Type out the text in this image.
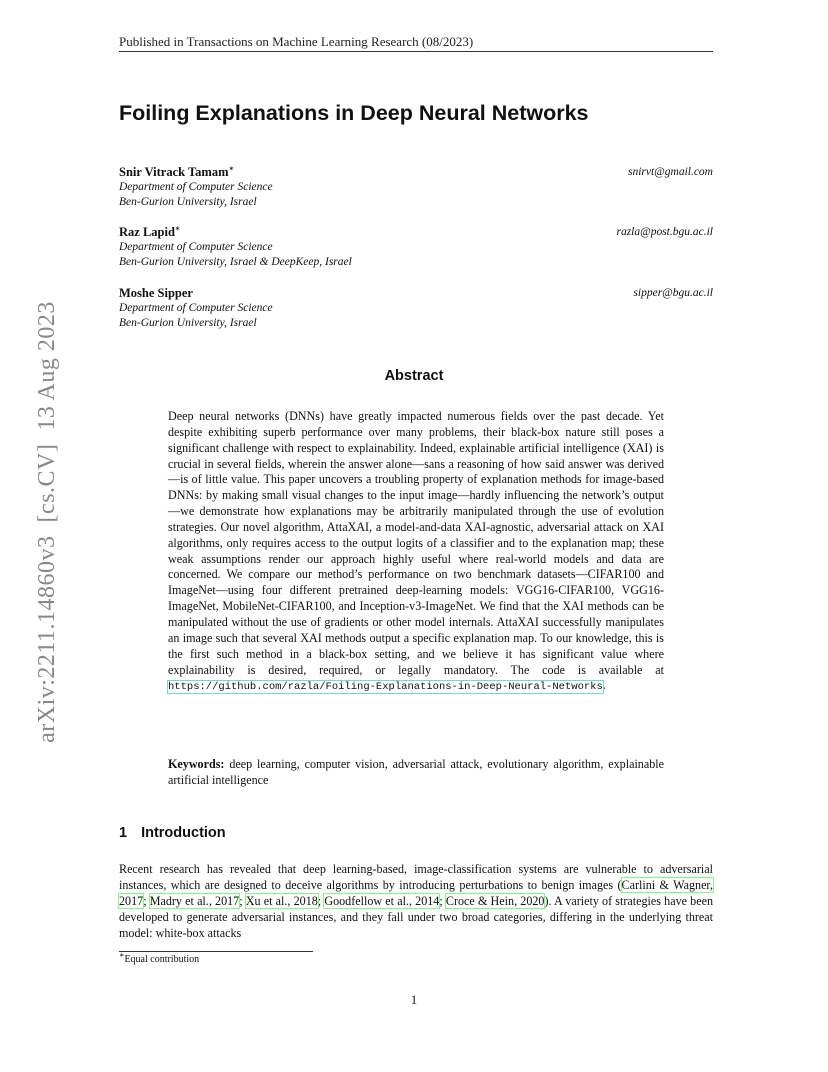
Published in Transactions on Machine Learning Research (08/2023)
Foiling Explanations in Deep Neural Networks
Snir Vitrack Tamam∗	snirvt@gmail.com
Department of Computer Science
Ben-Gurion University, Israel
Raz Lapid∗	razla@post.bgu.ac.il
Department of Computer Science
Ben-Gurion University, Israel & DeepKeep, Israel
Moshe Sipper	sipper@bgu.ac.il
Department of Computer Science
Ben-Gurion University, Israel
Abstract
Deep neural networks (DNNs) have greatly impacted numerous fields over the past decade. Yet despite exhibiting superb performance over many problems, their black-box nature still poses a significant challenge with respect to explainability. Indeed, explainable artificial intelligence (XAI) is crucial in several fields, wherein the answer alone—sans a reasoning of how said answer was derived—is of little value. This paper uncovers a troubling property of explanation methods for image-based DNNs: by making small visual changes to the input image—hardly influencing the network’s output—we demonstrate how explanations may be arbitrarily manipulated through the use of evolution strategies. Our novel algorithm, AttaXAI, a model-and-data XAI-agnostic, adversarial attack on XAI algorithms, only requires access to the output logits of a classifier and to the explanation map; these weak assumptions render our approach highly useful where real-world models and data are concerned. We compare our method’s performance on two benchmark datasets—CIFAR100 and ImageNet—using four different pretrained deep-learning models: VGG16-CIFAR100, VGG16-ImageNet, MobileNet-CIFAR100, and Inception-v3-ImageNet. We find that the XAI methods can be manipulated without the use of gradients or other model internals. AttaXAI successfully manipulates an image such that several XAI methods output a specific explanation map. To our knowledge, this is the first such method in a black-box setting, and we believe it has significant value where explainability is desired, required, or legally mandatory. The code is available at https://github.com/razla/Foiling-Explanations-in-Deep-Neural-Networks.
Keywords: deep learning, computer vision, adversarial attack, evolutionary algorithm, explainable artificial intelligence
1 Introduction
Recent research has revealed that deep learning-based, image-classification systems are vulnerable to adversarial instances, which are designed to deceive algorithms by introducing perturbations to benign images (Carlini & Wagner, 2017; Madry et al., 2017; Xu et al., 2018; Goodfellow et al., 2014; Croce & Hein, 2020). A variety of strategies have been developed to generate adversarial instances, and they fall under two broad categories, differing in the underlying threat model: white-box attacks
∗Equal contribution
1
arXiv:2211.14860v3  [cs.CV]  13 Aug 2023
